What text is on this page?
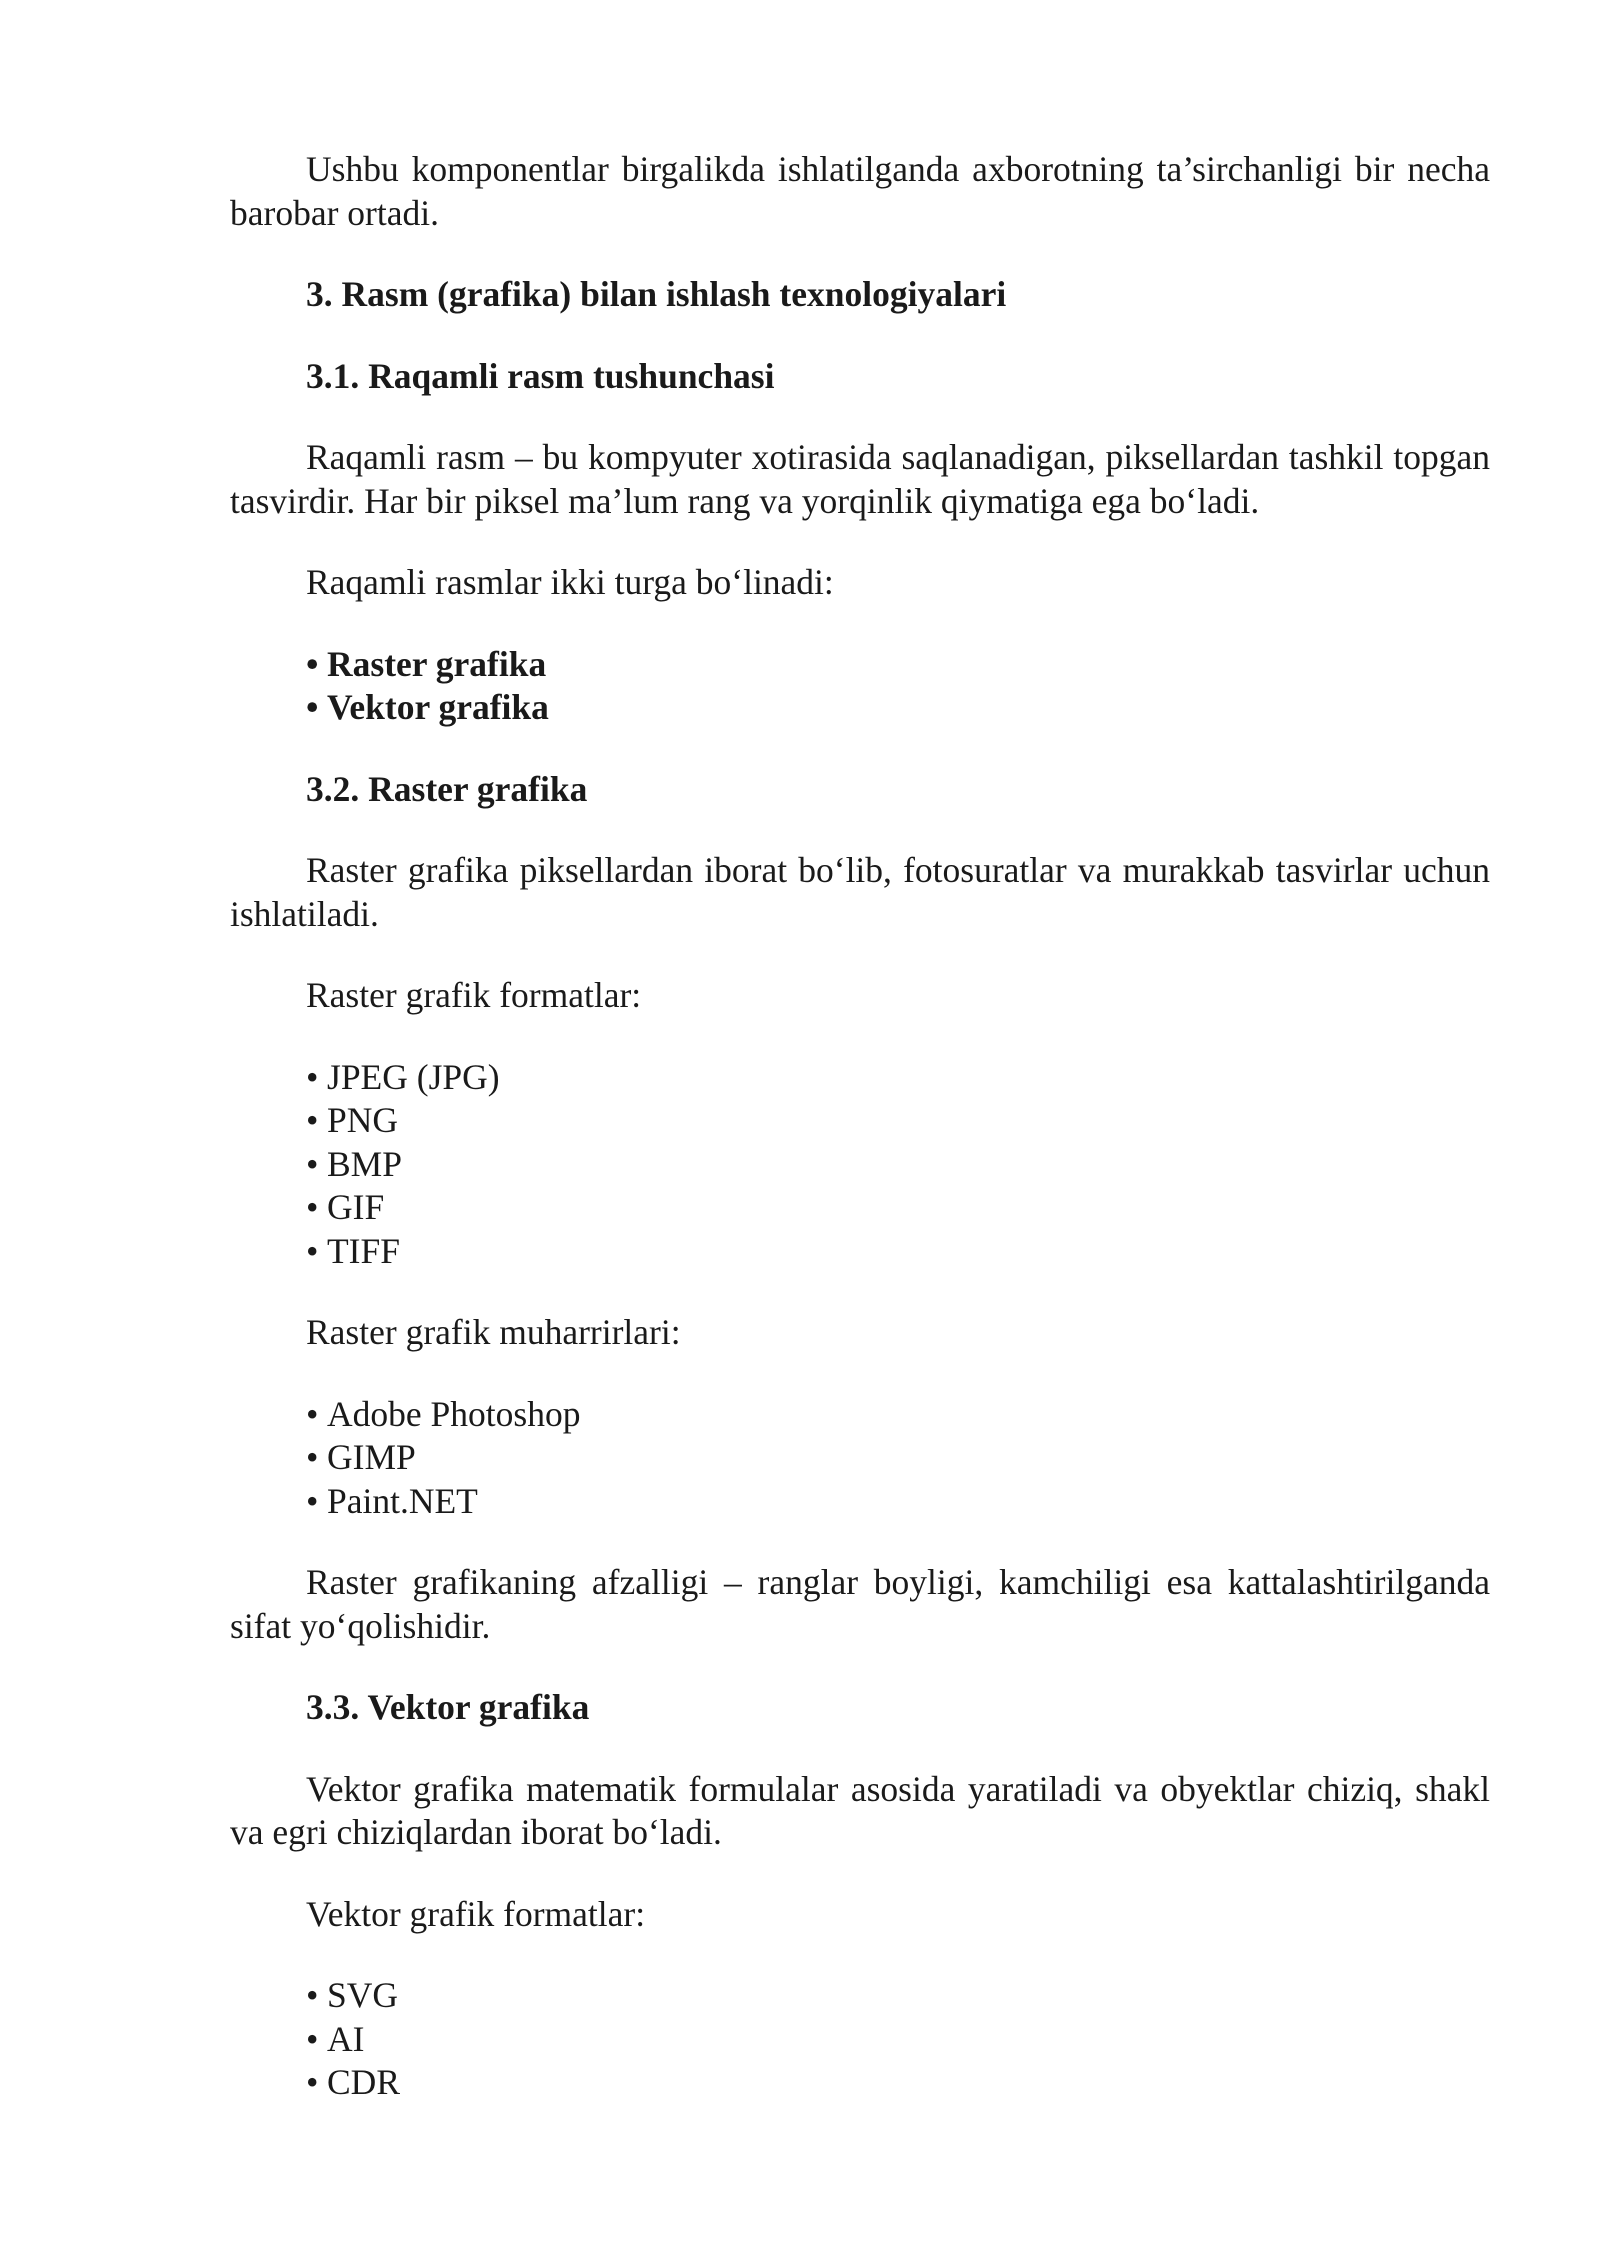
Ushbu komponentlar birgalikda ishlatilganda axborotning ta’sirchanligi bir necha barobar ortadi.

3. Rasm (grafika) bilan ishlash texnologiyalari

3.1. Raqamli rasm tushunchasi

Raqamli rasm – bu kompyuter xotirasida saqlanadigan, piksellardan tashkil topgan tasvirdir. Har bir piksel ma’lum rang va yorqinlik qiymatiga ega bo‘ladi.

Raqamli rasmlar ikki turga bo‘linadi:

• Raster grafika
• Vektor grafika

3.2. Raster grafika

Raster grafika piksellardan iborat bo‘lib, fotosuratlar va murakkab tasvirlar uchun ishlatiladi.

Raster grafik formatlar:

• JPEG (JPG)
• PNG
• BMP
• GIF
• TIFF

Raster grafik muharrirlari:

• Adobe Photoshop
• GIMP
• Paint.NET

Raster grafikaning afzalligi – ranglar boyligi, kamchiligi esa kattalashtirilganda sifat yo‘qolishidir.

3.3. Vektor grafika

Vektor grafika matematik formulalar asosida yaratiladi va obyektlar chiziq, shakl va egri chiziqlardan iborat bo‘ladi.

Vektor grafik formatlar:

• SVG
• AI
• CDR
